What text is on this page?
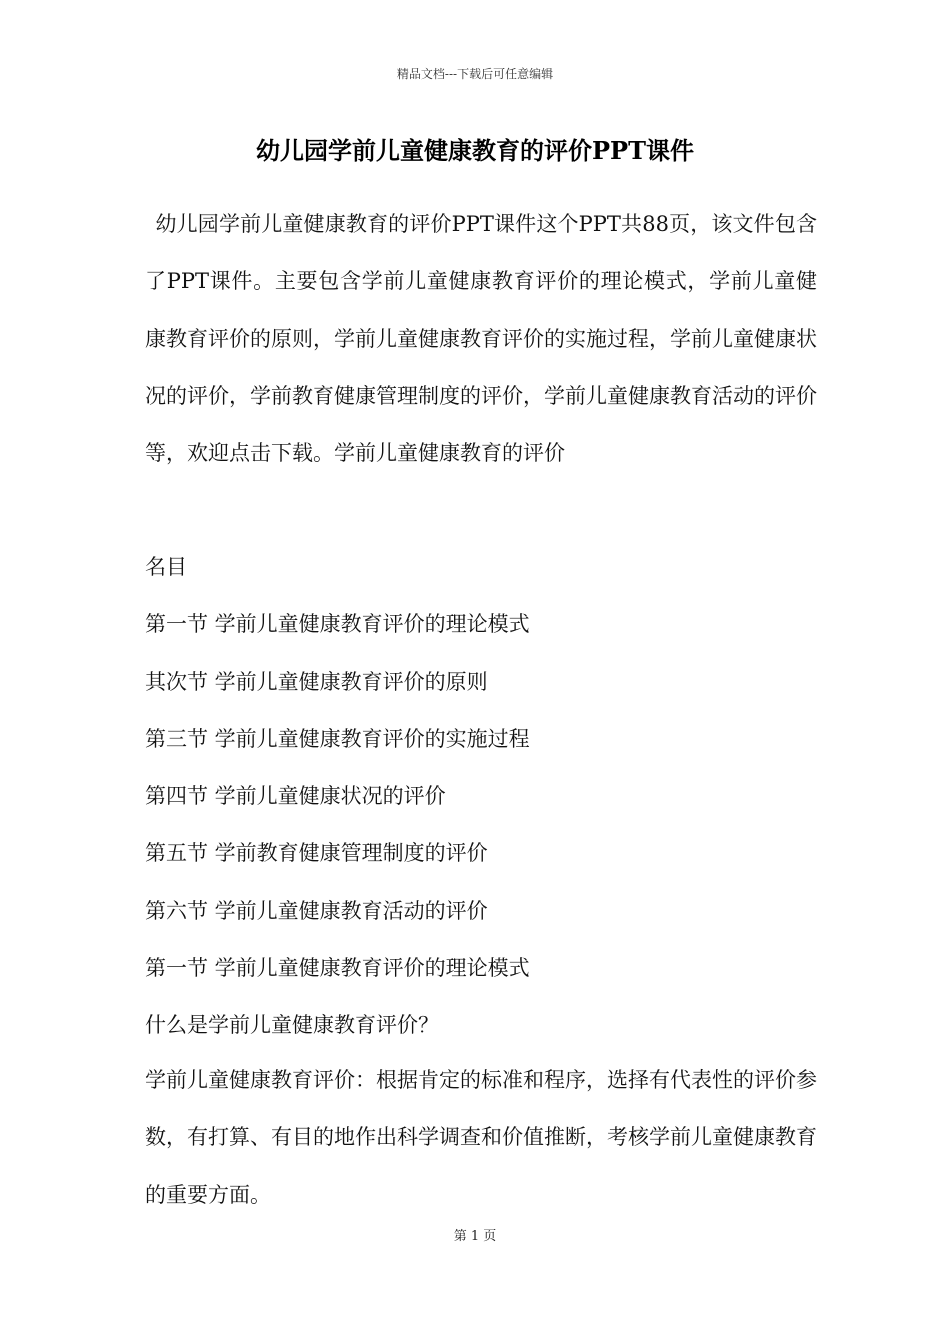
精品文档---下载后可任意编辑
幼儿园学前儿童健康教育的评价PPT课件

幼儿园学前儿童健康教育的评价PPT课件这个PPT共88页，该文件包含了PPT课件。主要包含学前儿童健康教育评价的理论模式，学前儿童健康教育评价的原则，学前儿童健康教育评价的实施过程，学前儿童健康状况的评价，学前教育健康管理制度的评价，学前儿童健康教育活动的评价等，欢迎点击下载。学前儿童健康教育的评价

名目
第一节 学前儿童健康教育评价的理论模式
其次节 学前儿童健康教育评价的原则
第三节 学前儿童健康教育评价的实施过程
第四节 学前儿童健康状况的评价
第五节 学前教育健康管理制度的评价
第六节 学前儿童健康教育活动的评价
第一节 学前儿童健康教育评价的理论模式
什么是学前儿童健康教育评价？

学前儿童健康教育评价：根据肯定的标准和程序，选择有代表性的评价参数，有打算、有目的地作出科学调查和价值推断，考核学前儿童健康教育的重要方面。

第 1 页
